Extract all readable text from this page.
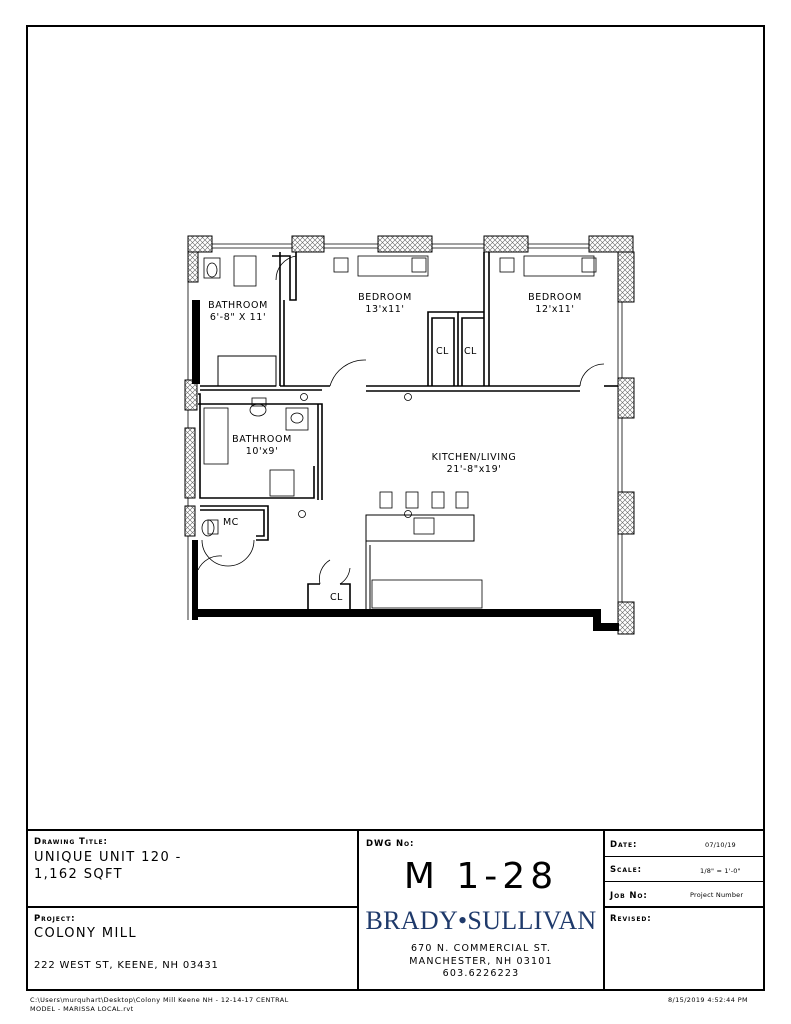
BATHROOM
6'-8" X 11'
BEDROOM
13'x11'
BEDROOM
12'x11'
CL CL
BATHROOM
10'x9'
KITCHEN/LIVING
21'-8"x19'
MC
CL
Drawing Title:
UNIQUE UNIT 120 -
1,162 SQFT
DWG No:
M 1-28
Date:	07/10/19
Scale:	1/8" = 1'-0"
Job No:	Project Number
Project:
COLONY MILL
222 WEST ST, KEENE, NH 03431
BRADY•SULLIVAN
670 N. COMMERCIAL ST.
MANCHESTER, NH 03101
603.6226223
Revised:
C:\Users\murquhart\Desktop\Colony Mill Keene NH - 12-14-17 CENTRAL
MODEL - MARISSA LOCAL.rvt
8/15/2019 4:52:44 PM
